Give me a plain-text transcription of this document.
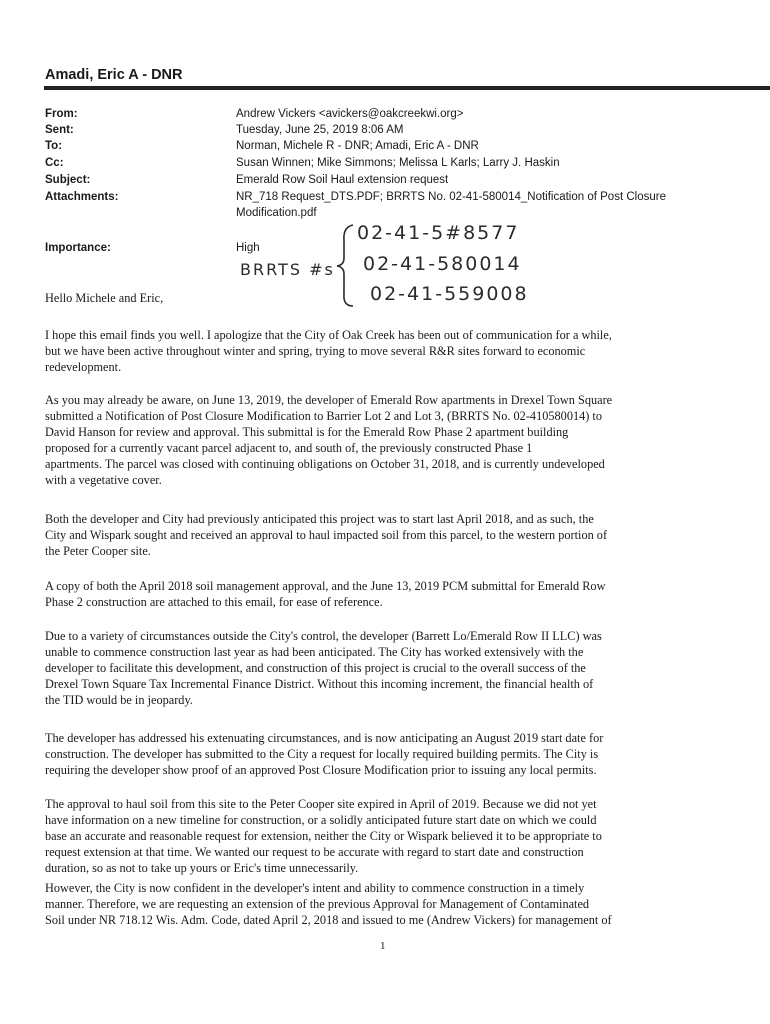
Amadi, Eric A - DNR
From:	Andrew Vickers <avickers@oakcreekwi.org>
Sent:	Tuesday, June 25, 2019 8:06 AM
To:	Norman, Michele R - DNR; Amadi, Eric A - DNR
Cc:	Susan Winnen; Mike Simmons; Melissa L Karls; Larry J. Haskin
Subject:	Emerald Row Soil Haul extension request
Attachments:	NR_718 Request_DTS.PDF; BRRTS No. 02-41-580014_Notification of Post Closure
Modification.pdf
Importance:	High
BRRTS #s
02-41-5#8577
02-41-580014
02-41-559008
Hello Michele and Eric,
I hope this email finds you well. I apologize that the City of Oak Creek has been out of communication for a while,
but we have been active throughout winter and spring, trying to move several R&R sites forward to economic
redevelopment.
As you may already be aware, on June 13, 2019, the developer of Emerald Row apartments in Drexel Town Square
submitted a Notification of Post Closure Modification to Barrier Lot 2 and Lot 3, (BRRTS No. 02-410580014) to
David Hanson for review and approval. This submittal is for the Emerald Row Phase 2 apartment building
proposed for a currently vacant parcel adjacent to, and south of, the previously constructed Phase 1
apartments. The parcel was closed with continuing obligations on October 31, 2018, and is currently undeveloped
with a vegetative cover.
Both the developer and City had previously anticipated this project was to start last April 2018, and as such, the
City and Wispark sought and received an approval to haul impacted soil from this parcel, to the western portion of
the Peter Cooper site.
A copy of both the April 2018 soil management approval, and the June 13, 2019 PCM submittal for Emerald Row
Phase 2 construction are attached to this email, for ease of reference.
Due to a variety of circumstances outside the City's control, the developer (Barrett Lo/Emerald Row II LLC) was
unable to commence construction last year as had been anticipated. The City has worked extensively with the
developer to facilitate this development, and construction of this project is crucial to the overall success of the
Drexel Town Square Tax Incremental Finance District. Without this incoming increment, the financial health of
the TID would be in jeopardy.
The developer has addressed his extenuating circumstances, and is now anticipating an August 2019 start date for
construction. The developer has submitted to the City a request for locally required building permits. The City is
requiring the developer show proof of an approved Post Closure Modification prior to issuing any local permits.
The approval to haul soil from this site to the Peter Cooper site expired in April of 2019. Because we did not yet
have information on a new timeline for construction, or a solidly anticipated future start date on which we could
base an accurate and reasonable request for extension, neither the City or Wispark believed it to be appropriate to
request extension at that time. We wanted our request to be accurate with regard to start date and construction
duration, so as not to take up yours or Eric's time unnecessarily.
However, the City is now confident in the developer's intent and ability to commence construction in a timely
manner. Therefore, we are requesting an extension of the previous Approval for Management of Contaminated
Soil under NR 718.12 Wis. Adm. Code, dated April 2, 2018 and issued to me (Andrew Vickers) for management of
1
